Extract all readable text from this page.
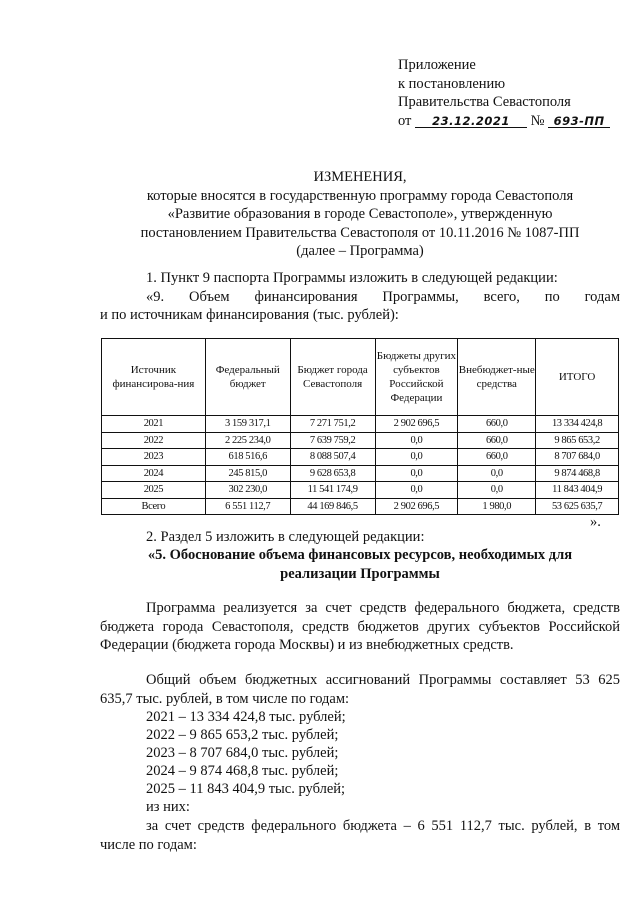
Приложение
к постановлению
Правительства Севастополя
от 23.12.2021 № 693-ПП
ИЗМЕНЕНИЯ,
которые вносятся в государственную программу города Севастополя
«Развитие образования в городе Севастополе», утвержденную
постановлением Правительства Севастополя от 10.11.2016 № 1087-ПП
(далее – Программа)
1. Пункт 9 паспорта Программы изложить в следующей редакции:
«9. Объем финансирования Программы, всего, по годам
и по источникам финансирования (тыс. рублей):
Источник финансирова-ния	Федеральный бюджет	Бюджет города Севастополя	Бюджеты других субъектов Российской Федерации	Внебюджет-ные средства	ИТОГО
2021	3 159 317,1	7 271 751,2	2 902 696,5	660,0	13 334 424,8
2022	2 225 234,0	7 639 759,2	0,0	660,0	9 865 653,2
2023	618 516,6	8 088 507,4	0,0	660,0	8 707 684,0
2024	245 815,0	9 628 653,8	0,0	0,0	9 874 468,8
2025	302 230,0	11 541 174,9	0,0	0,0	11 843 404,9
Всего	6 551 112,7	44 169 846,5	2 902 696,5	1 980,0	53 625 635,7
».
2. Раздел 5 изложить в следующей редакции:
«5. Обоснование объема финансовых ресурсов, необходимых для
реализации Программы
Программа реализуется за счет средств федерального бюджета, средств бюджета города Севастополя, средств бюджетов других субъектов Российской Федерации (бюджета города Москвы) и из внебюджетных средств.
Общий объем бюджетных ассигнований Программы составляет 53 625 635,7 тыс. рублей, в том числе по годам:
2021 – 13 334 424,8 тыс. рублей;
2022 – 9 865 653,2 тыс. рублей;
2023 – 8 707 684,0 тыс. рублей;
2024 – 9 874 468,8 тыс. рублей;
2025 – 11 843 404,9 тыс. рублей;
из них:
за счет средств федерального бюджета – 6 551 112,7 тыс. рублей, в том числе по годам:
